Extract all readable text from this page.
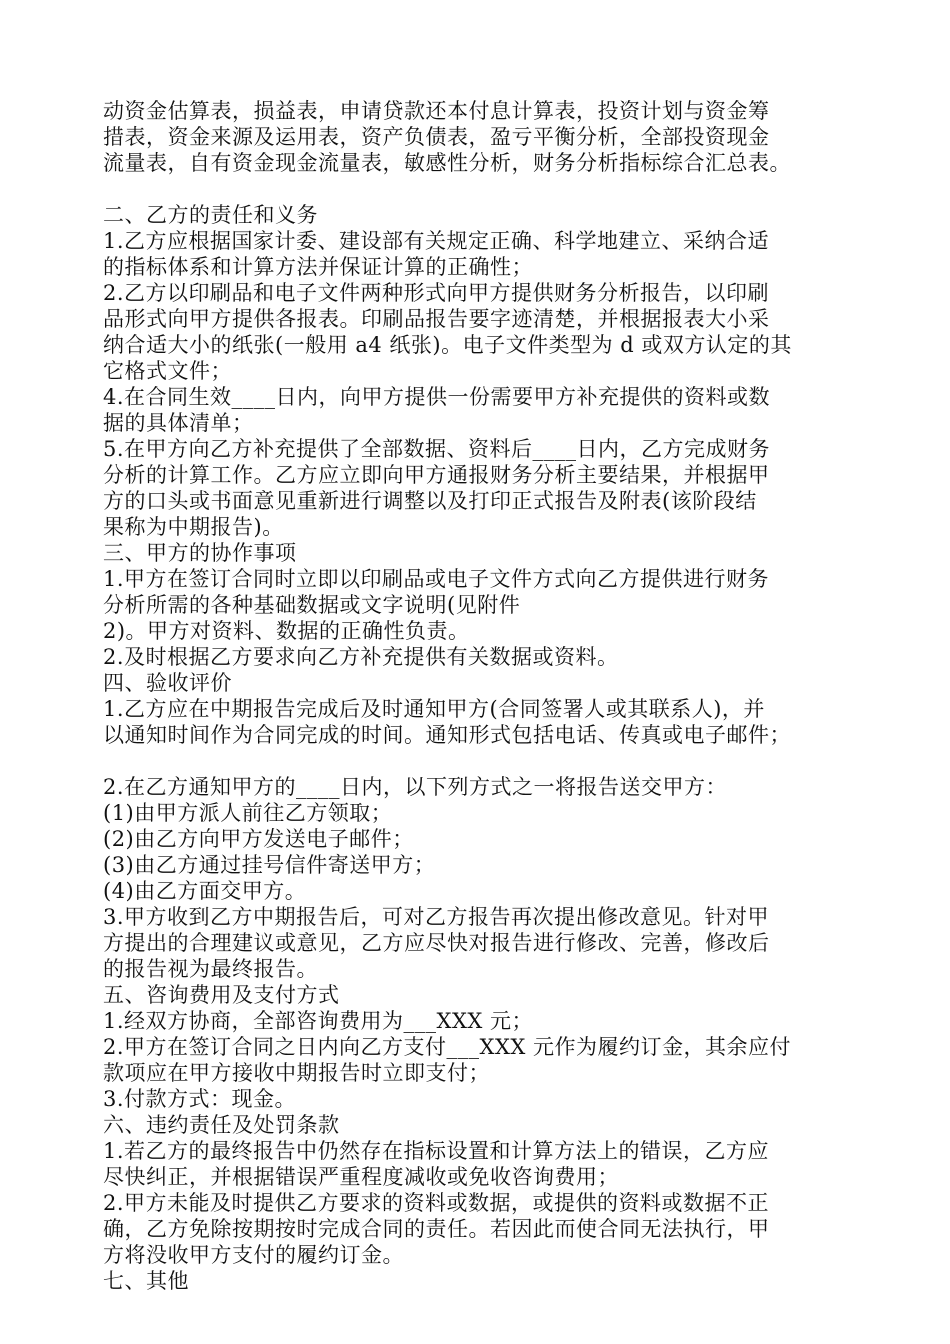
动资金估算表，损益表，申请贷款还本付息计算表，投资计划与资金筹
措表，资金来源及运用表，资产负债表，盈亏平衡分析，全部投资现金
流量表，自有资金现金流量表，敏感性分析，财务分析指标综合汇总表。
二、乙方的责任和义务
1.乙方应根据国家计委、建设部有关规定正确、科学地建立、采纳合适
的指标体系和计算方法并保证计算的正确性；
2.乙方以印刷品和电子文件两种形式向甲方提供财务分析报告，以印刷
品形式向甲方提供各报表。印刷品报告要字迹清楚，并根据报表大小采
纳合适大小的纸张(一般用 a4 纸张)。电子文件类型为 d 或双方认定的其
它格式文件；
4.在合同生效____日内，向甲方提供一份需要甲方补充提供的资料或数
据的具体清单；
5.在甲方向乙方补充提供了全部数据、资料后____日内，乙方完成财务
分析的计算工作。乙方应立即向甲方通报财务分析主要结果，并根据甲
方的口头或书面意见重新进行调整以及打印正式报告及附表(该阶段结
果称为中期报告)。
三、甲方的协作事项
1.甲方在签订合同时立即以印刷品或电子文件方式向乙方提供进行财务
分析所需的各种基础数据或文字说明(见附件
2)。甲方对资料、数据的正确性负责。
2.及时根据乙方要求向乙方补充提供有关数据或资料。
四、验收评价
1.乙方应在中期报告完成后及时通知甲方(合同签署人或其联系人)，并
以通知时间作为合同完成的时间。通知形式包括电话、传真或电子邮件；
2.在乙方通知甲方的____日内，以下列方式之一将报告送交甲方：
(1)由甲方派人前往乙方领取；
(2)由乙方向甲方发送电子邮件；
(3)由乙方通过挂号信件寄送甲方；
(4)由乙方面交甲方。
3.甲方收到乙方中期报告后，可对乙方报告再次提出修改意见。针对甲
方提出的合理建议或意见，乙方应尽快对报告进行修改、完善，修改后
的报告视为最终报告。
五、咨询费用及支付方式
1.经双方协商，全部咨询费用为___XXX 元；
2.甲方在签订合同之日内向乙方支付___XXX 元作为履约订金，其余应付
款项应在甲方接收中期报告时立即支付；
3.付款方式：现金。
六、违约责任及处罚条款
1.若乙方的最终报告中仍然存在指标设置和计算方法上的错误，乙方应
尽快纠正，并根据错误严重程度减收或免收咨询费用；
2.甲方未能及时提供乙方要求的资料或数据，或提供的资料或数据不正
确，乙方免除按期按时完成合同的责任。若因此而使合同无法执行，甲
方将没收甲方支付的履约订金。
七、其他
